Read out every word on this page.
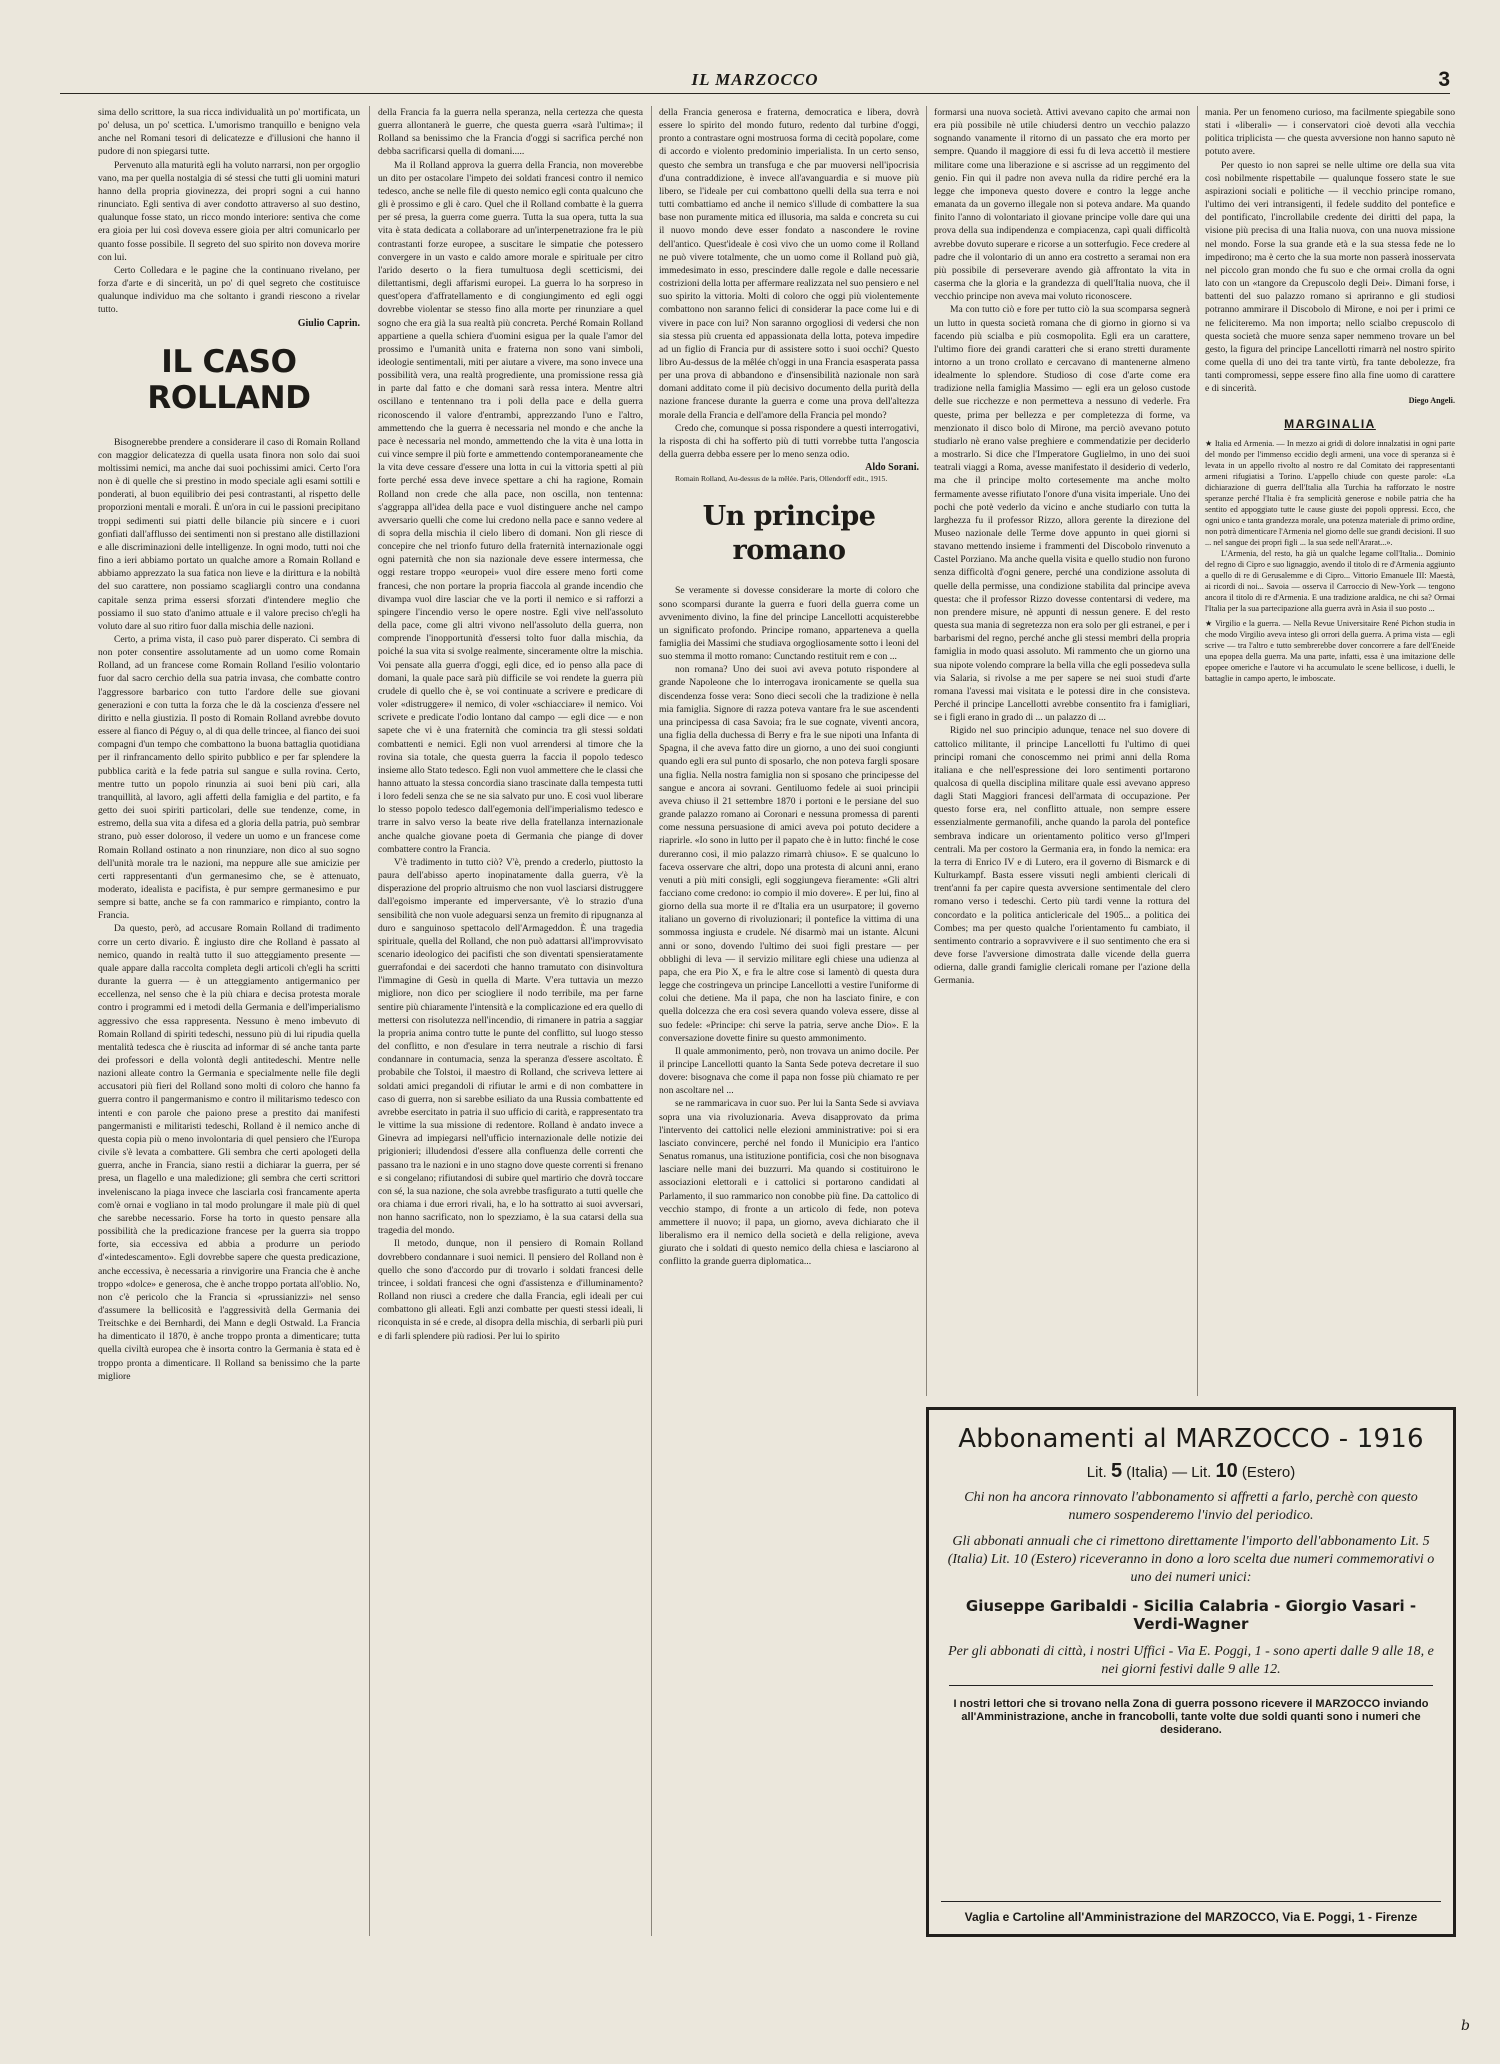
IL MARZOCCO	3

sima dello scrittore, la sua ricca individualità un po' mortificata, un po' delusa, un po' scettica. L'umorismo tranquillo e benigno vela anche nel Romani tesori di delicatezze e d'illusioni che hanno il pudore di non spiegarsi tutte.

Pervenuto alla maturità egli ha voluto narrarsi, non per orgoglio vano, ma per quella nostalgia di sé stessi che tutti gli uomini maturi hanno della propria giovinezza, dei propri sogni a cui hanno rinunciato. Egli sentiva di aver condotto attraverso al suo destino, qualunque fosse stato, un ricco mondo interiore: sentiva che come era gioia per lui così doveva essere gioia per altri comunicarlo per quanto fosse possibile. Il segreto del suo spirito non doveva morire con lui.

Certo Colledara e le pagine che la continuano rivelano, per forza d'arte e di sincerità, un po' di quel segreto che costituisce qualunque individuo ma che soltanto i grandi riescono a rivelar tutto.

Giulio Caprin.

IL CASO ROLLAND

Bisognerebbe prendere a considerare il caso di Romain Rolland con maggior delicatezza di quella usata finora non solo dai suoi moltissimi nemici, ma anche dai suoi pochissimi amici. Certo l'ora non è di quelle che si prestino in modo speciale agli esami sottili e ponderati, al buon equilibrio dei pesi contrastanti, al rispetto delle proporzioni mentali e morali. È un'ora in cui le passioni precipitano troppi sedimenti sui piatti delle bilancie più sincere e i cuori gonfiati dall'afflusso dei sentimenti non si prestano alle distillazioni e alle discriminazioni delle intelligenze. In ogni modo, tutti noi che fino a ieri abbiamo portato un qualche amore a Romain Rolland e abbiamo apprezzato la sua fatica non lieve e la dirittura e la nobiltà del suo carattere, non possiamo scagliargli contro una condanna capitale senza prima essersi sforzati d'intendere meglio che possiamo il suo stato d'animo attuale e il valore preciso ch'egli ha voluto dare al suo ritiro fuor dalla mischia delle nazioni.

Certo, a prima vista, il caso può parer disperato. Ci sembra di non poter consentire assolutamente ad un uomo come Romain Rolland, ad un francese come Romain Rolland l'esilio volontario fuor dal sacro cerchio della sua patria invasa, che combatte contro l'aggressore barbarico con tutto l'ardore delle sue giovani generazioni e con tutta la forza che le dà la coscienza d'essere nel diritto e nella giustizia. Il posto di Romain Rolland avrebbe dovuto essere al fianco di Péguy o, al di qua delle trincee, al fianco dei suoi compagni d'un tempo che combattono la buona battaglia quotidiana per il rinfrancamento dello spirito pubblico e per far splendere la pubblica carità e la fede patria sul sangue e sulla rovina. Certo, mentre tutto un popolo rinunzia ai suoi beni più cari, alla tranquillità, al lavoro, agli affetti della famiglia e del partito, e fa getto dei suoi spiriti particolari, delle sue tendenze, come, in estremo, della sua vita a difesa ed a gloria della patria, può sembrar strano, può esser doloroso, il vedere un uomo e un francese come Romain Rolland ostinato a non rinunziare, non dico al suo sogno dell'unità morale tra le nazioni, ma neppure alle sue amicizie per certi rappresentanti d'un germanesimo che, se è attenuato, moderato, idealista e pacifista, è pur sempre germanesimo e pur sempre si batte, anche se fa con rammarico e rimpianto, contro la Francia.

Da questo, però, ad accusare Romain Rolland di tradimento corre un certo divario. È ingiusto dire che Rolland è passato al nemico, quando in realtà tutto il suo atteggiamento presente — quale appare dalla raccolta completa degli articoli ch'egli ha scritti durante la guerra — è un atteggiamento antigermanico per eccellenza, nel senso che è la più chiara e decisa protesta morale contro i programmi ed i metodi della Germania e dell'imperialismo aggressivo che essa rappresenta. Nessuno è meno imbevuto di Romain Rolland di spiriti tedeschi, nessuno più di lui ripudia quella mentalità tedesca che è riuscita ad informar di sé anche tanta parte dei professori e della volontà degli antitedeschi. Mentre nelle nazioni alleate contro la Germania e specialmente nelle file degli accusatori più fieri del Rolland sono molti di coloro che hanno fa guerra contro il pangermanismo e contro il militarismo tedesco con intenti e con parole che paiono prese a prestito dai manifesti pangermanisti e militaristi tedeschi, Rolland è il nemico anche di questa copia più o meno involontaria di quel pensiero che l'Europa civile s'è levata a combattere. Gli sembra che certi apologeti della guerra, anche in Francia, siano restii a dichiarar la guerra, per sé presa, un flagello e una maledizione; gli sembra che certi scrittori inveleniscano la piaga invece che lasciarla così francamente aperta com'è ornai e vogliano in tal modo prolungare il male più di quel che sarebbe necessario. Forse ha torto in questo pensare alla possibilità che la predicazione francese per la guerra sia troppo forte, sia eccessiva ed abbia a produrre un periodo d'«intedescamento». Egli dovrebbe sapere che questa predicazione, anche eccessiva, è necessaria a rinvigorire una Francia che è anche troppo «dolce» e generosa, che è anche troppo portata all'oblio. No, non c'è pericolo che la Francia si «prussianizzi» nel senso d'assumere la bellicosità e l'aggressività della Germania dei Treitschke e dei Bernhardi, dei Mann e degli Ostwald. La Francia ha dimenticato il 1870, è anche troppo pronta a dimenticare; tutta quella civiltà europea che è insorta contro la Germania è stata ed è troppo pronta a dimenticare. Il Rolland sa benissimo che la parte migliore

della Francia fa la guerra nella speranza, nella certezza che questa guerra allontanerà le guerre, che questa guerra «sarà l'ultima»; il Rolland sa benissimo che la Francia d'oggi si sacrifica perché non debba sacrificarsi quella di domani.....

Ma il Rolland approva la guerra della Francia, non moverebbe un dito per ostacolare l'impeto dei soldati francesi contro il nemico tedesco, anche se nelle file di questo nemico egli conta qualcuno che gli è prossimo e gli è caro. Quel che il Rolland combatte è la guerra per sé presa, la guerra come guerra. Tutta la sua opera, tutta la sua vita è stata dedicata a collaborare ad un'interpenetrazione fra le più contrastanti forze europee, a suscitare le simpatie che potessero convergere in un vasto e caldo amore morale e spirituale per citro l'arido deserto o la fiera tumultuosa degli scetticismi, dei dilettantismi, degli affarismi europei. La guerra lo ha sorpreso in quest'opera d'affratellamento e di congiungimento ed egli oggi dovrebbe violentar se stesso fino alla morte per rinunziare a quel sogno che era già la sua realtà più concreta. Perché Romain Rolland appartiene a quella schiera d'uomini esigua per la quale l'amor del prossimo e l'umanità unita e fraterna non sono vani simboli, ideologie sentimentali, miti per aiutare a vivere, ma sono invece una possibilità vera, una realtà progrediente, una promissione ressa già in parte dal fatto e che domani sarà ressa intera. Mentre altri oscillano e tentennano tra i poli della pace e della guerra riconoscendo il valore d'entrambi, apprezzando l'uno e l'altro, ammettendo che la guerra è necessaria nel mondo e che anche la pace è necessaria nel mondo, ammettendo che la vita è una lotta in cui vince sempre il più forte e ammettendo contemporaneamente che la vita deve cessare d'essere una lotta in cui la vittoria spetti al più forte perché essa deve invece spettare a chi ha ragione, Romain Rolland non crede che alla pace, non oscilla, non tentenna: s'aggrappa all'idea della pace e vuol distinguere anche nel campo avversario quelli che come lui credono nella pace e sanno vedere al di sopra della mischia il cielo libero di domani. Non gli riesce di concepire che nel trionfo futuro della fraternità internazionale oggi ogni paternità che non sia nazionale deve essere intermessa, che oggi restare troppo «europei» vuol dire essere meno forti come francesi, che non portare la propria fiaccola al grande incendio che divampa vuol dire lasciar che ve la porti il nemico e si rafforzi a spingere l'incendio verso le opere nostre. Egli vive nell'assoluto della pace, come gli altri vivono nell'assoluto della guerra, non comprende l'inopportunità d'essersi tolto fuor dalla mischia, da poiché la sua vita si svolge realmente, sinceramente oltre la mischia. Voi pensate alla guerra d'oggi, egli dice, ed io penso alla pace di domani, la quale pace sarà più difficile se voi rendete la guerra più crudele di quello che è, se voi continuate a scrivere e predicare di voler «distruggere» il nemico, di voler «schiacciare» il nemico. Voi scrivete e predicate l'odio lontano dal campo — egli dice — e non sapete che vi è una fraternità che comincia tra gli stessi soldati combattenti e nemici. Egli non vuol arrendersi al timore che la rovina sia totale, che questa guerra la faccia il popolo tedesco insieme allo Stato tedesco. Egli non vuol ammettere che le classi che hanno attuato la stessa concordia siano trascinate dalla tempesta tutti i loro fedeli senza che se ne sia salvato pur uno. E così vuol liberare lo stesso popolo tedesco dall'egemonia dell'imperialismo tedesco e trarre in salvo verso la beate rive della fratellanza internazionale anche qualche giovane poeta di Germania che piange di dover combattere contro la Francia.

V'è tradimento in tutto ciò? V'è, prendo a crederlo, piuttosto la paura dell'abisso aperto inopinatamente dalla guerra, v'è la disperazione del proprio altruismo che non vuol lasciarsi distruggere dall'egoismo imperante ed imperversante, v'è lo strazio d'una sensibilità che non vuole adeguarsi senza un fremito di ripugnanza al duro e sanguinoso spettacolo dell'Armageddon. È una tragedia spirituale, quella del Rolland, che non può adattarsi all'improvvisato scenario ideologico dei pacifisti che son diventati spensieratamente guerrafondai e dei sacerdoti che hanno tramutato con disinvoltura l'immagine di Gesù in quella di Marte. V'era tuttavia un mezzo migliore, non dico per sciogliere il nodo terribile, ma per farne sentire più chiaramente l'intensità e la complicazione ed era quello di mettersi con risolutezza nell'incendio, di rimanere in patria a saggiar la propria anima contro tutte le punte del conflitto, sul luogo stesso del conflitto, e non d'esulare in terra neutrale a rischio di farsi condannare in contumacia, senza la speranza d'essere ascoltato. È probabile che Tolstoi, il maestro di Rolland, che scriveva lettere ai soldati amici pregandoli di rifiutar le armi e di non combattere in caso di guerra, non si sarebbe esiliato da una Russia combattente ed avrebbe esercitato in patria il suo ufficio di carità, e rappresentato tra le vittime la sua missione di redentore. Rolland è andato invece a Ginevra ad impiegarsi nell'ufficio internazionale delle notizie dei prigionieri; illudendosi d'essere alla confluenza delle correnti che passano tra le nazioni e in uno stagno dove queste correnti si frenano e si congelano; rifiutandosi di subire quel martirio che dovrà toccare con sé, la sua nazione, che sola avrebbe trasfigurato a tutti quelle che ora chiama i due errori rivali, ha, e lo ha sottratto ai suoi avversari, non hanno sacrificato, non lo spezziamo, è la sua catarsi della sua tragedia del mondo.

Il metodo, dunque, non il pensiero di Romain Rolland dovrebbero condannare i suoi nemici. Il pensiero del Rolland non è quello che sono d'accordo pur di trovarlo i soldati francesi delle trincee, i soldati francesi che ogni d'assistenza e d'illuminamento? Rolland non riuscì a credere che dalla Francia, egli ideali per cui combattono gli alleati. Egli anzi combatte per questi stessi ideali, li riconquista in sé e crede, al disopra della mischia, di serbarli più puri e di farli splendere più radiosi. Per lui lo spirito

della Francia generosa e fraterna, democratica e libera, dovrà essere lo spirito del mondo futuro, redento dal turbine d'oggi, pronto a contrastare ogni mostruosa forma di cecità popolare, come di accordo e violento predominio imperialista. In un certo senso, questo che sembra un transfuga e che par muoversi nell'ipocrisia d'una contraddizione, è invece all'avanguardia e si muove più libero, se l'ideale per cui combattono quelli della sua terra e noi tutti combattiamo ed anche il nemico s'illude di combattere la sua base non puramente mitica ed illusoria, ma salda e concreta su cui il nuovo mondo deve esser fondato a nascondere le rovine dell'antico. Quest'ideale è così vivo che un uomo come il Rolland ne può vivere totalmente, che un uomo come il Rolland può già, immedesimato in esso, prescindere dalle regole e dalle necessarie costrizioni della lotta per affermare realizzata nel suo pensiero e nel suo spirito la vittoria. Molti di coloro che oggi più violentemente combattono non saranno felici di considerar la pace come lui e di vivere in pace con lui? Non saranno orgogliosi di vedersi che non sia stessa più cruenta ed appassionata della lotta, poteva impedire ad un figlio di Francia pur di assistere sotto i suoi occhi? Questo libro Au-dessus de la mêlée ch'oggi in una Francia esasperata passa per una prova di abbandono e d'insensibilità nazionale non sarà domani additato come il più decisivo documento della purità della nazione francese durante la guerra e come una prova dell'altezza morale della Francia e dell'amore della Francia pel mondo?

Credo che, comunque si possa rispondere a questi interrogativi, la risposta di chi ha sofferto più di tutti vorrebbe tutta l'angoscia della guerra debba essere per lo meno senza odio.

Aldo Sorani.

Romain Rolland, Au-dessus de la mêlée. Paris, Ollendorff edit., 1915.

Un principe romano

Se veramente si dovesse considerare la morte di coloro che sono scomparsi durante la guerra e fuori della guerra come un avvenimento divino, la fine del principe Lancellotti acquisterebbe un significato profondo. Principe romano, apparteneva a quella famiglia dei Massimi che studiava orgogliosamente sotto i leoni del suo stemma il motto romano: Cunctando restituit rem e con ...

non romana? Uno dei suoi avi aveva potuto rispondere al grande Napoleone che lo interrogava ironicamente se quella sua discendenza fosse vera: Sono dieci secoli che la tradizione è nella mia famiglia. Signore di razza poteva vantare fra le sue ascendenti una principessa di casa Savoia; fra le sue cognate, viventi ancora, una figlia della duchessa di Berry e fra le sue nipoti una Infanta di Spagna, il che aveva fatto dire un giorno, a uno dei suoi congiunti quando egli era sul punto di sposarlo, che non poteva fargli sposare una figlia. Nella nostra famiglia non si sposano che principesse del sangue e ancora ai sovrani. Gentiluomo fedele ai suoi principii aveva chiuso il 21 settembre 1870 i portoni e le persiane del suo grande palazzo romano ai Coronari e nessuna promessa di parenti come nessuna persuasione di amici aveva poi potuto decidere a riaprirle. «Io sono in lutto per il papato che è in lutto: finché le cose dureranno così, il mio palazzo rimarrà chiuso». E se qualcuno lo faceva osservare che altri, dopo una protesta di alcuni anni, erano venuti a più miti consigli, egli soggiungeva fieramente: «Gli altri facciano come credono: io compio il mio dovere». E per lui, fino al giorno della sua morte il re d'Italia era un usurpatore; il governo italiano un governo di rivoluzionari; il pontefice la vittima di una sommossa ingiusta e crudele. Né disarmò mai un istante. Alcuni anni or sono, dovendo l'ultimo dei suoi figli prestare — per obblighi di leva — il servizio militare egli chiese una udienza al papa, che era Pio X, e fra le altre cose si lamentò di questa dura legge che costringeva un principe Lancellotti a vestire l'uniforme di colui che detiene. Ma il papa, che non ha lasciato finire, e con quella dolcezza che era così severa quando voleva essere, disse al suo fedele: «Principe: chi serve la patria, serve anche Dio». E la conversazione dovette finire su questo ammonimento.

Il quale ammonimento, però, non trovava un animo docile. Per il principe Lancellotti quanto la Santa Sede poteva decretare il suo dovere: bisognava che come il papa non fosse più chiamato re per non ascoltare nel ...

se ne rammaricava in cuor suo. Per lui la Santa Sede si avviava sopra una via rivoluzionaria. Aveva disapprovato da prima l'intervento dei cattolici nelle elezioni amministrative: poi si era lasciato convincere, perché nel fondo il Municipio era l'antico Senatus romanus, una istituzione pontificia, così che non bisognava lasciare nelle mani dei buzzurri. Ma quando si costituirono le associazioni elettorali e i cattolici si portarono candidati al Parlamento, il suo rammarico non conobbe più fine. Da cattolico di vecchio stampo, di fronte a un articolo di fede, non poteva ammettere il nuovo; il papa, un giorno, aveva dichiarato che il liberalismo era il nemico della società e della religione, aveva giurato che i soldati di questo nemico della chiesa e lasciarono al conflitto la grande guerra diplomatica...

formarsi una nuova società. Attivi avevano capito che armai non era più possibile nè utile chiudersi dentro un vecchio palazzo sognando vanamente il ritorno di un passato che era morto per sempre. Quando il maggiore di essi fu di leva accettò il mestiere militare come una liberazione e si ascrisse ad un reggimento del genio. Fin qui il padre non aveva nulla da ridire perché era la legge che imponeva questo dovere e contro la legge anche emanata da un governo illegale non si poteva andare. Ma quando finito l'anno di volontariato il giovane principe volle dare qui una prova della sua indipendenza e compiacenza, capì quali difficoltà avrebbe dovuto superare e ricorse a un sotterfugio. Fece credere al padre che il volontario di un anno era costretto a seramai non era più possibile di perseverare avendo già affrontato la vita in caserma che la gloria e la grandezza di quell'Italia nuova, che il vecchio principe non aveva mai voluto riconoscere.

Ma con tutto ciò e fore per tutto ciò la sua scomparsa segnerà un lutto in questa società romana che di giorno in giorno si va facendo più scialba e più cosmopolita. Egli era un carattere, l'ultimo fiore dei grandi caratteri che si erano stretti duramente intorno a un trono crollato e cercavano di mantenerne almeno idealmente lo splendore. Studioso di cose d'arte come era tradizione nella famiglia Massimo — egli era un geloso custode delle sue ricchezze e non permetteva a nessuno di vederle. Fra queste, prima per bellezza e per completezza di forme, va menzionato il disco bolo di Mirone, ma perciò avevano potuto studiarlo nè erano valse preghiere e commendatizie per deciderlo a mostrarlo. Si dice che l'Imperatore Guglielmo, in uno dei suoi teatrali viaggi a Roma, avesse manifestato il desiderio di vederlo, ma che il principe molto cortesemente ma anche molto fermamente avesse rifiutato l'onore d'una visita imperiale. Uno dei pochi che potè vederlo da vicino e anche studiarlo con tutta la larghezza fu il professor Rizzo, allora gerente la direzione del Museo nazionale delle Terme dove appunto in quei giorni si stavano mettendo insieme i frammenti del Discobolo rinvenuto a Castel Porziano. Ma anche quella visita e quello studio non furono senza difficoltà d'ogni genere, perché una condizione assoluta di quelle della permisse, una condizione stabilita dal principe aveva questa: che il professor Rizzo dovesse contentarsi di vedere, ma non prendere misure, nè appunti di nessun genere. E del resto questa sua mania di segretezza non era solo per gli estranei, e per i barbarismi del regno, perché anche gli stessi membri della propria famiglia in modo quasi assoluto. Mi rammento che un giorno una sua nipote volendo comprare la bella villa che egli possedeva sulla via Salaria, si rivolse a me per sapere se nei suoi studi d'arte romana l'avessi mai visitata e le potessi dire in che consisteva. Perché il principe Lancellotti avrebbe consentito fra i famigliari, se i figli erano in grado di ... un palazzo di ...

Rigido nel suo principio adunque, tenace nel suo dovere di cattolico militante, il principe Lancellotti fu l'ultimo di quei principi romani che conoscemmo nei primi anni della Roma italiana e che nell'espressione dei loro sentimenti portarono qualcosa di quella disciplina militare quale essi avevano appreso dagli Stati Maggiori francesi dell'armata di occupazione. Per questo forse era, nel conflitto attuale, non sempre essere essenzialmente germanofili, anche quando la parola del pontefice sembrava indicare un orientamento politico verso gl'Imperi centrali. Ma per costoro la Germania era, in fondo la nemica: era la terra di Enrico IV e di Lutero, era il governo di Bismarck e di Kulturkampf. Basta essere vissuti negli ambienti clericali di trent'anni fa per capire questa avversione sentimentale del clero romano verso i tedeschi. Certo più tardi venne la rottura del concordato e la politica anticlericale del 1905... a politica dei Combes; ma per questo qualche l'orientamento fu cambiato, il sentimento contrario a sopravvivere e il suo sentimento che era si deve forse l'avversione dimostrata dalle vicende della guerra odierna, dalle grandi famiglie clericali romane per l'azione della Germania.

mania. Per un fenomeno curioso, ma facilmente spiegabile sono stati i «liberali» — i conservatori cioè devoti alla vecchia politica triplicista — che questa avversione non hanno saputo nè potuto avere.

Per questo io non saprei se nelle ultime ore della sua vita così nobilmente rispettabile — qualunque fossero state le sue aspirazioni sociali e politiche — il vecchio principe romano, l'ultimo dei veri intransigenti, il fedele suddito del pontefice e del pontificato, l'incrollabile credente dei diritti del papa, la visione più precisa di una Italia nuova, con una nuova missione nel mondo. Forse la sua grande età e la sua stessa fede ne lo impedirono; ma è certo che la sua morte non passerà inosservata nel piccolo gran mondo che fu suo e che ormai crolla da ogni lato con un «tangore da Crepuscolo degli Dei». Dimani forse, i battenti del suo palazzo romano si apriranno e gli studiosi potranno ammirare il Discobolo di Mirone, e noi per i primi ce ne feliciteremo. Ma non importa; nello scialbo crepuscolo di questa società che muore senza saper nemmeno trovare un bel gesto, la figura del principe Lancellotti rimarrà nel nostro spirito come quella di uno dei tra tante virtù, fra tante debolezze, fra tanti compromessi, seppe essere fino alla fine uomo di carattere e di sincerità.

Diego Angeli.

MARGINALIA

★ Italia ed Armenia. — In mezzo ai gridi di dolore innalzatisi in ogni parte del mondo per l'immenso eccidio degli armeni, una voce di speranza si è levata in un appello rivolto al nostro re dal Comitato dei rappresentanti armeni rifugiatisi a Torino. L'appello chiude con queste parole: «La dichiarazione di guerra dell'Italia alla Turchia ha rafforzato le nostre speranze perché l'Italia è fra semplicità generose e nobile patria che ha sentito ed appoggiato tutte le cause giuste dei popoli oppressi. Ecco, che ogni unico e tanta grandezza morale, una potenza materiale di primo ordine, non potrà dimenticare l'Armenia nel giorno delle sue grandi decisioni. Il suo ... nel sangue dei propri figli ... la sua sede nell'Ararat...».

L'Armenia, del resto, ha già un qualche legame coll'Italia... Dominio del regno di Cipro e suo lignaggio, avendo il titolo di re d'Armenia aggiunto a quello di re di Gerusalemme e di Cipro... Vittorio Emanuele III: Maestà, ai ricordi di noi... Savoia — osserva il Carroccio di New-York — tengono ancora il titolo di re d'Armenia. E una tradizione araldica, ne chi sa? Ormai l'Italia per la sua partecipazione alla guerra avrà in Asia il suo posto ...

★ Virgilio e la guerra. — Nella Revue Universitaire René Pichon studia in che modo Virgilio aveva inteso gli orrori della guerra. A prima vista — egli scrive — tra l'altro e tutto sembrerebbe dover concorrere a fare dell'Eneide una epopea della guerra. Ma una parte, infatti, essa è una imitazione delle epopee omeriche e l'autore vi ha accumulato le scene bellicose, i duelli, le battaglie in campo aperto, le imboscate.

Abbonamenti al MARZOCCO - 1916
Lit. 5 (Italia) — Lit. 10 (Estero)
Chi non ha ancora rinnovato l'abbonamento si affretti a farlo, perchè con questo numero sospenderemo l'invio del periodico.
Gli abbonati annuali che ci rimettono direttamente l'importo dell'abbonamento Lit. 5 (Italia) Lit. 10 (Estero) riceveranno in dono a loro scelta due numeri commemorativi o uno dei numeri unici:
Giuseppe Garibaldi - Sicilia Calabria - Giorgio Vasari - Verdi-Wagner
Per gli abbonati di città, i nostri Uffici - Via E. Poggi, 1 - sono aperti dalle 9 alle 18, e nei giorni festivi dalle 9 alle 12.
I nostri lettori che si trovano nella Zona di guerra possono ricevere il MARZOCCO inviando all'Amministrazione, anche in francobolli, tante volte due soldi quanti sono i numeri che desiderano.
Vaglia e Cartoline all'Amministrazione del MARZOCCO, Via E. Poggi, 1 - Firenze
b
